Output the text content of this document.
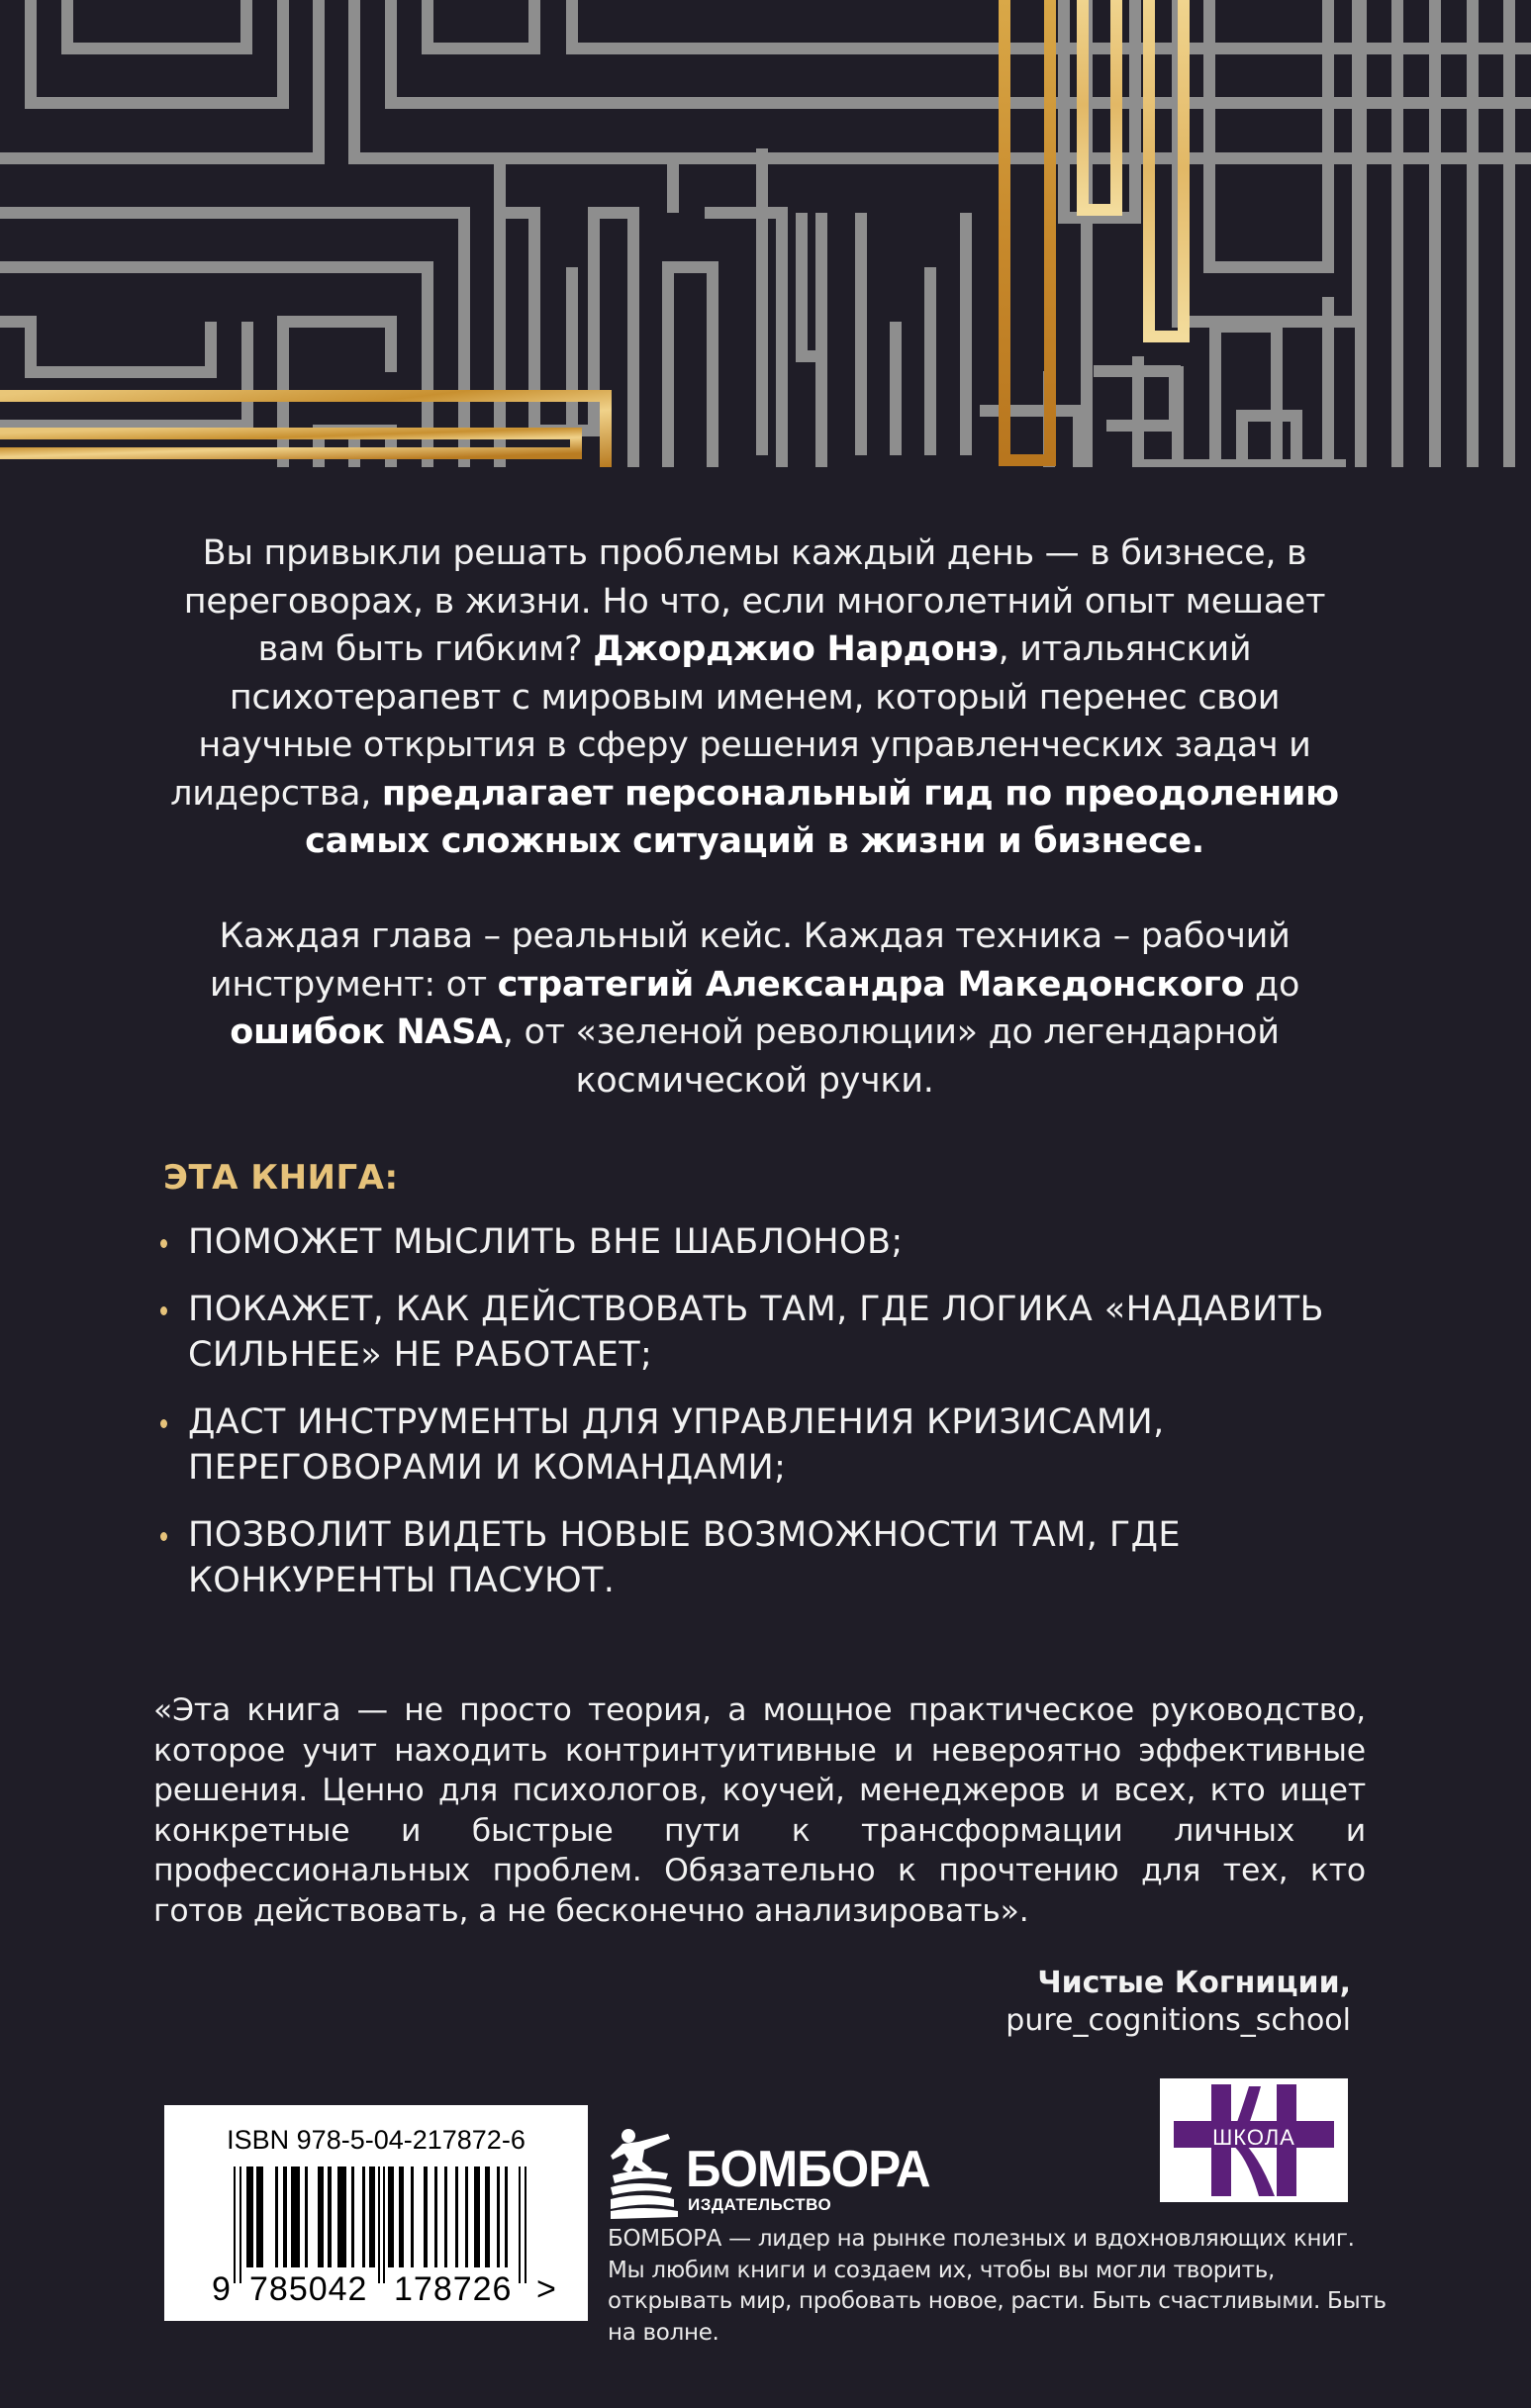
Вы привыкли решать проблемы каждый день — в бизнесе, в переговорах, в жизни. Но что, если многолетний опыт мешает вам быть гибким? Джорджио Нардонэ, итальянский психотерапевт с мировым именем, который перенес свои научные открытия в сферу решения управленческих задач и лидерства, предлагает персональный гид по преодолению самых сложных ситуаций в жизни и бизнесе.
Каждая глава – реальный кейс. Каждая техника – рабочий инструмент: от стратегий Александра Македонского до ошибок NASA, от «зеленой революции» до легендарной космической ручки.
ЭТА КНИГА:
ПОМОЖЕТ МЫСЛИТЬ ВНЕ ШАБЛОНОВ;
ПОКАЖЕТ, КАК ДЕЙСТВОВАТЬ ТАМ, ГДЕ ЛОГИКА «НАДАВИТЬ СИЛЬНЕЕ» НЕ РАБОТАЕТ;
ДАСТ ИНСТРУМЕНТЫ ДЛЯ УПРАВЛЕНИЯ КРИЗИСАМИ, ПЕРЕГОВОРАМИ И КОМАНДАМИ;
ПОЗВОЛИТ ВИДЕТЬ НОВЫЕ ВОЗМОЖНОСТИ ТАМ, ГДЕ КОНКУРЕНТЫ ПАСУЮТ.
«Эта книга — не просто теория, а мощное практическое руководство, которое учит находить контринтуитивные и невероятно эффективные решения. Ценно для психологов, коучей, менеджеров и всех, кто ищет конкретные и быстрые пути к трансформации личных и профессиональных проблем. Обязательно к прочтению для тех, кто готов действовать, а не бесконечно анализировать».
Чистые Когниции,
pure_cognitions_school
ISBN 978-5-04-217872-6
9 785042 178726 >
БОМБОРА
ИЗДАТЕЛЬСТВО
ШКОЛА
БОМБОРА — лидер на рынке полезных и вдохновляющих книг. Мы любим книги и создаем их, чтобы вы могли творить, открывать мир, пробовать новое, расти. Быть счастливыми. Быть на волне.
